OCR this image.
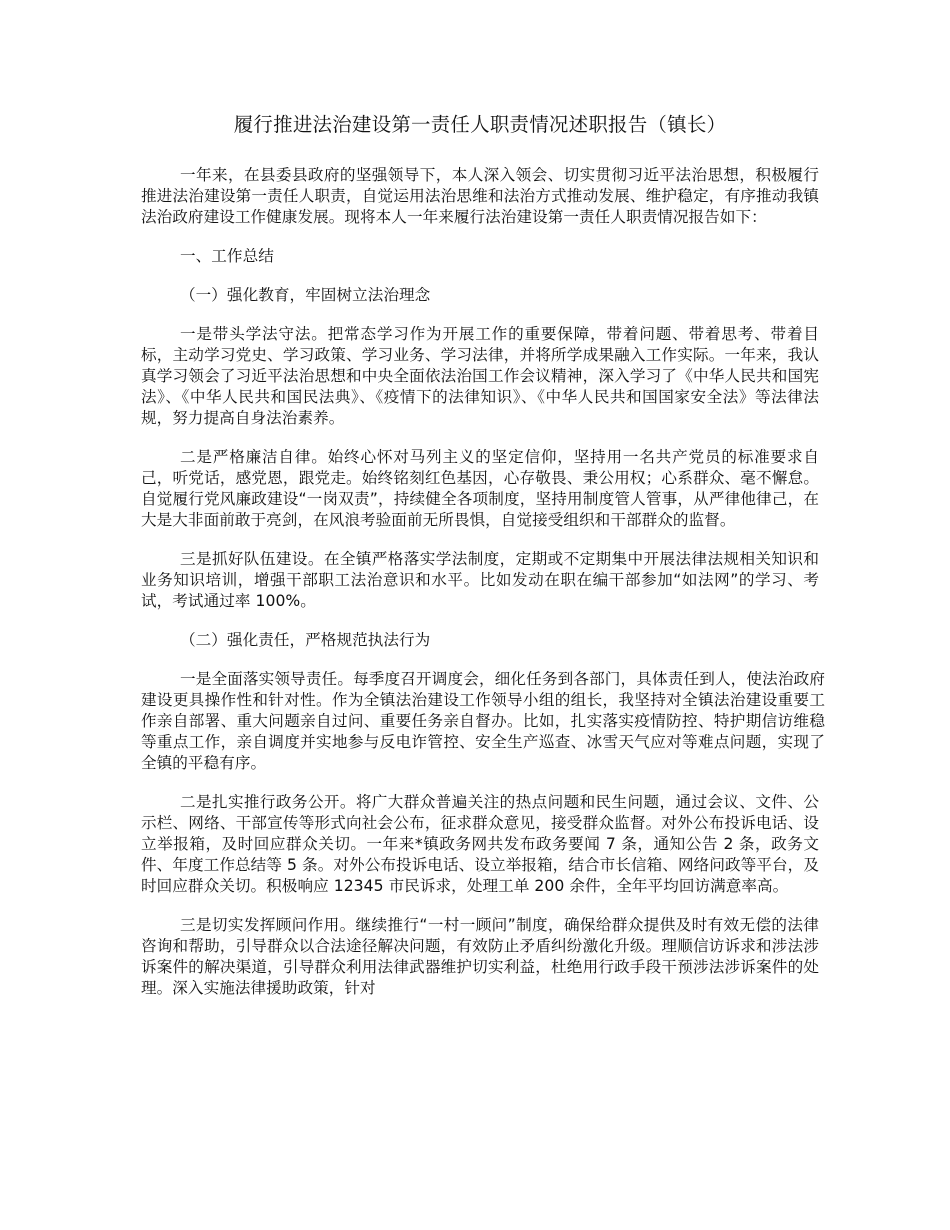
履行推进法治建设第一责任人职责情况述职报告（镇长）

一年来，在县委县政府的坚强领导下，本人深入领会、切实贯彻习近平法治思想，积极履行推进法治建设第一责任人职责，自觉运用法治思维和法治方式推动发展、维护稳定，有序推动我镇法治政府建设工作健康发展。现将本人一年来履行法治建设第一责任人职责情况报告如下：

一、工作总结

（一）强化教育，牢固树立法治理念

一是带头学法守法。把常态学习作为开展工作的重要保障，带着问题、带着思考、带着目标，主动学习党史、学习政策、学习业务、学习法律，并将所学成果融入工作实际。一年来，我认真学习领会了习近平法治思想和中央全面依法治国工作会议精神，深入学习了《中华人民共和国宪法》、《中华人民共和国民法典》、《疫情下的法律知识》、《中华人民共和国国家安全法》等法律法规，努力提高自身法治素养。

二是严格廉洁自律。始终心怀对马列主义的坚定信仰，坚持用一名共产党员的标准要求自己，听党话，感党恩，跟党走。始终铭刻红色基因，心存敬畏、秉公用权；心系群众、毫不懈怠。自觉履行党风廉政建设“一岗双责”，持续健全各项制度，坚持用制度管人管事，从严律他律己，在大是大非面前敢于亮剑，在风浪考验面前无所畏惧，自觉接受组织和干部群众的监督。

三是抓好队伍建设。在全镇严格落实学法制度，定期或不定期集中开展法律法规相关知识和业务知识培训，增强干部职工法治意识和水平。比如发动在职在编干部参加“如法网”的学习、考试，考试通过率 100%。

（二）强化责任，严格规范执法行为

一是全面落实领导责任。每季度召开调度会，细化任务到各部门，具体责任到人，使法治政府建设更具操作性和针对性。作为全镇法治建设工作领导小组的组长，我坚持对全镇法治建设重要工作亲自部署、重大问题亲自过问、重要任务亲自督办。比如，扎实落实疫情防控、特护期信访维稳等重点工作，亲自调度并实地参与反电诈管控、安全生产巡查、冰雪天气应对等难点问题，实现了全镇的平稳有序。

二是扎实推行政务公开。将广大群众普遍关注的热点问题和民生问题，通过会议、文件、公示栏、网络、干部宣传等形式向社会公布，征求群众意见，接受群众监督。对外公布投诉电话、设立举报箱，及时回应群众关切。一年来*镇政务网共发布政务要闻 7 条，通知公告 2 条，政务文件、年度工作总结等 5 条。对外公布投诉电话、设立举报箱，结合市长信箱、网络问政等平台，及时回应群众关切。积极响应 12345 市民诉求，处理工单 200 余件，全年平均回访满意率高。

三是切实发挥顾问作用。继续推行“一村一顾问”制度，确保给群众提供及时有效无偿的法律咨询和帮助，引导群众以合法途径解决问题，有效防止矛盾纠纷激化升级。理顺信访诉求和涉法涉诉案件的解决渠道，引导群众利用法律武器维护切实利益，杜绝用行政手段干预涉法涉诉案件的处理。深入实施法律援助政策，针对
